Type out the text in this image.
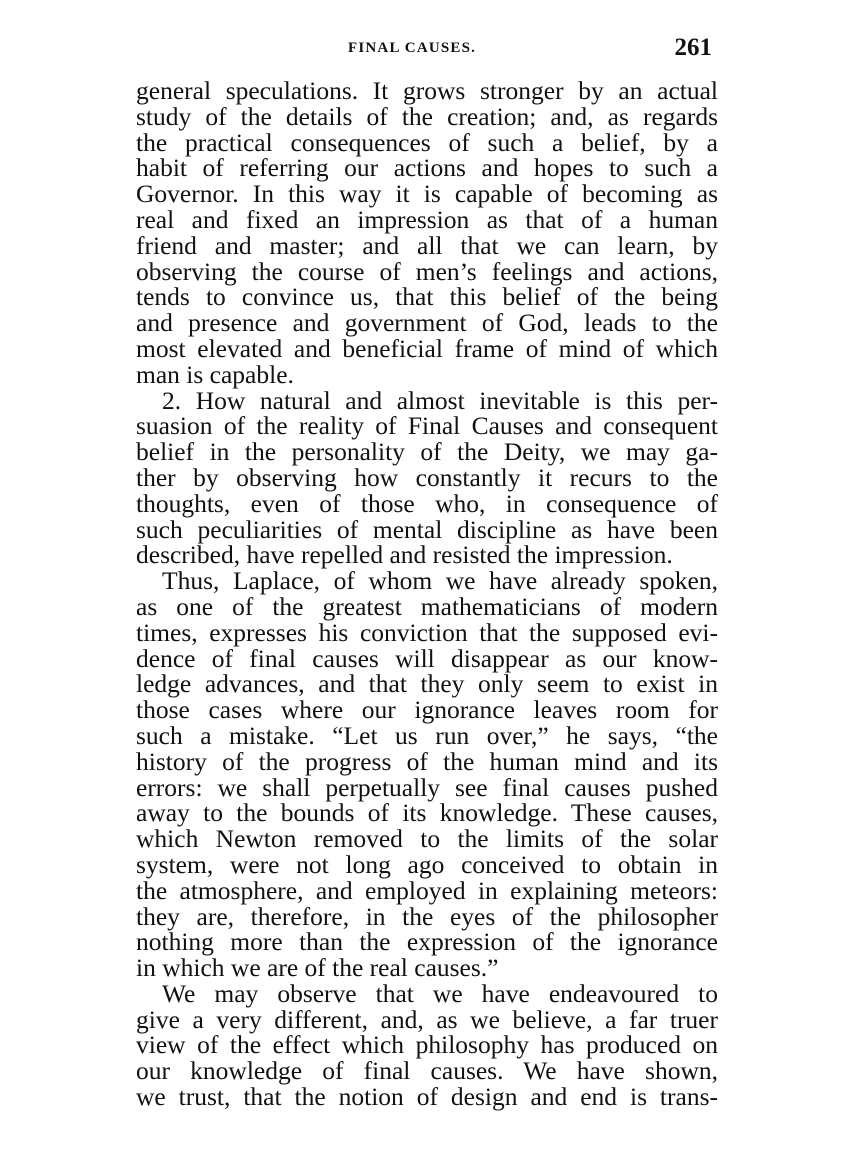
FINAL CAUSES.	261
general speculations. It grows stronger by an actual
study of the details of the creation; and, as regards
the practical consequences of such a belief, by a
habit of referring our actions and hopes to such a
Governor. In this way it is capable of becoming as
real and fixed an impression as that of a human
friend and master; and all that we can learn, by
observing the course of men’s feelings and actions,
tends to convince us, that this belief of the being
and presence and government of God, leads to the
most elevated and beneficial frame of mind of which
man is capable.
2. How natural and almost inevitable is this per-
suasion of the reality of Final Causes and consequent
belief in the personality of the Deity, we may ga-
ther by observing how constantly it recurs to the
thoughts, even of those who, in consequence of
such peculiarities of mental discipline as have been
described, have repelled and resisted the impression.
Thus, Laplace, of whom we have already spoken,
as one of the greatest mathematicians of modern
times, expresses his conviction that the supposed evi-
dence of final causes will disappear as our know-
ledge advances, and that they only seem to exist in
those cases where our ignorance leaves room for
such a mistake. “Let us run over,” he says, “the
history of the progress of the human mind and its
errors: we shall perpetually see final causes pushed
away to the bounds of its knowledge. These causes,
which Newton removed to the limits of the solar
system, were not long ago conceived to obtain in
the atmosphere, and employed in explaining meteors:
they are, therefore, in the eyes of the philosopher
nothing more than the expression of the ignorance
in which we are of the real causes.”
We may observe that we have endeavoured to
give a very different, and, as we believe, a far truer
view of the effect which philosophy has produced on
our knowledge of final causes. We have shown,
we trust, that the notion of design and end is trans-
